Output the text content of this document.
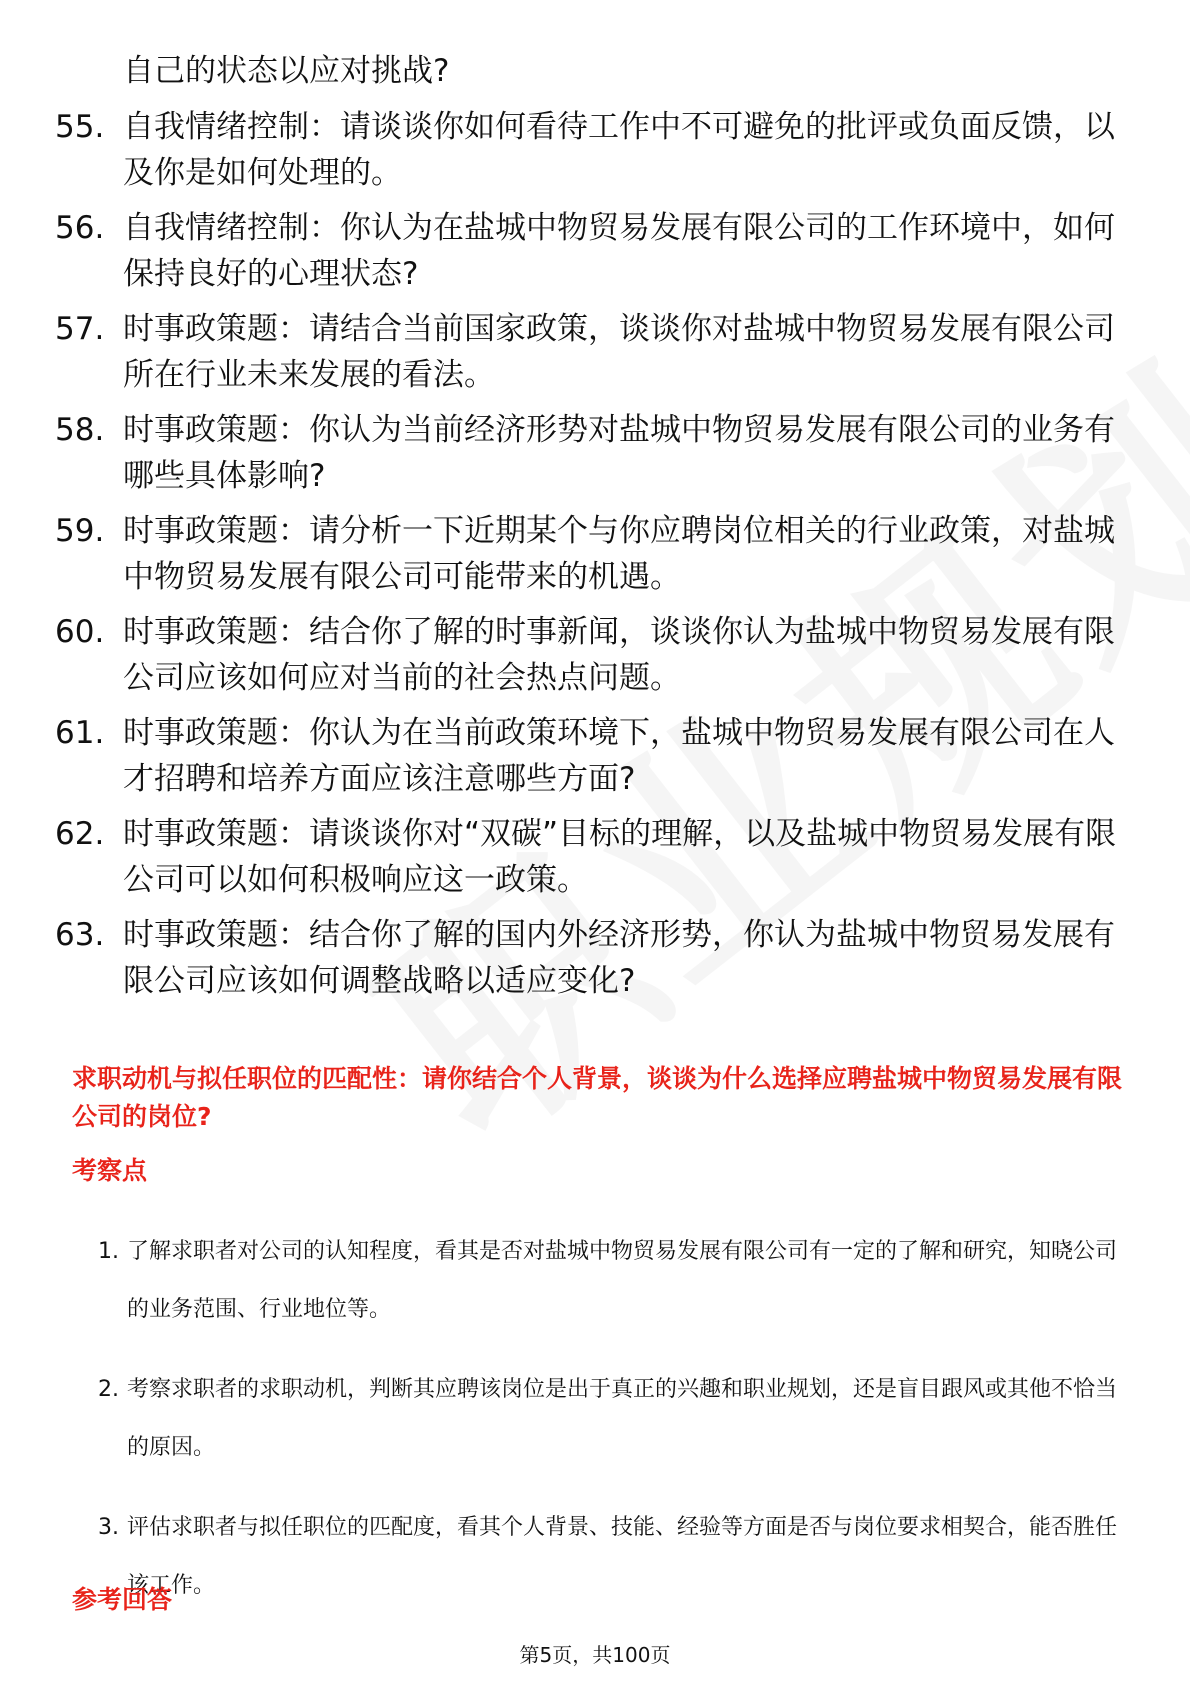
自己的状态以应对挑战?
55. 自我情绪控制：请谈谈你如何看待工作中不可避免的批评或负面反馈，以及你是如何处理的。
56. 自我情绪控制：你认为在盐城中物贸易发展有限公司的工作环境中，如何保持良好的心理状态?
57. 时事政策题：请结合当前国家政策，谈谈你对盐城中物贸易发展有限公司所在行业未来发展的看法。
58. 时事政策题：你认为当前经济形势对盐城中物贸易发展有限公司的业务有哪些具体影响?
59. 时事政策题：请分析一下近期某个与你应聘岗位相关的行业政策，对盐城中物贸易发展有限公司可能带来的机遇。
60. 时事政策题：结合你了解的时事新闻，谈谈你认为盐城中物贸易发展有限公司应该如何应对当前的社会热点问题。
61. 时事政策题：你认为在当前政策环境下，盐城中物贸易发展有限公司在人才招聘和培养方面应该注意哪些方面?
62. 时事政策题：请谈谈你对“双碳”目标的理解，以及盐城中物贸易发展有限公司可以如何积极响应这一政策。
63. 时事政策题：结合你了解的国内外经济形势，你认为盐城中物贸易发展有限公司应该如何调整战略以适应变化?
求职动机与拟任职位的匹配性：请你结合个人背景，谈谈为什么选择应聘盐城中物贸易发展有限公司的岗位?
考察点
1. 了解求职者对公司的认知程度，看其是否对盐城中物贸易发展有限公司有一定的了解和研究，知晓公司的业务范围、行业地位等。
2. 考察求职者的求职动机，判断其应聘该岗位是出于真正的兴趣和职业规划，还是盲目跟风或其他不恰当的原因。
3. 评估求职者与拟任职位的匹配度，看其个人背景、技能、经验等方面是否与岗位要求相契合，能否胜任该工作。
参考回答
第5页，共100页
